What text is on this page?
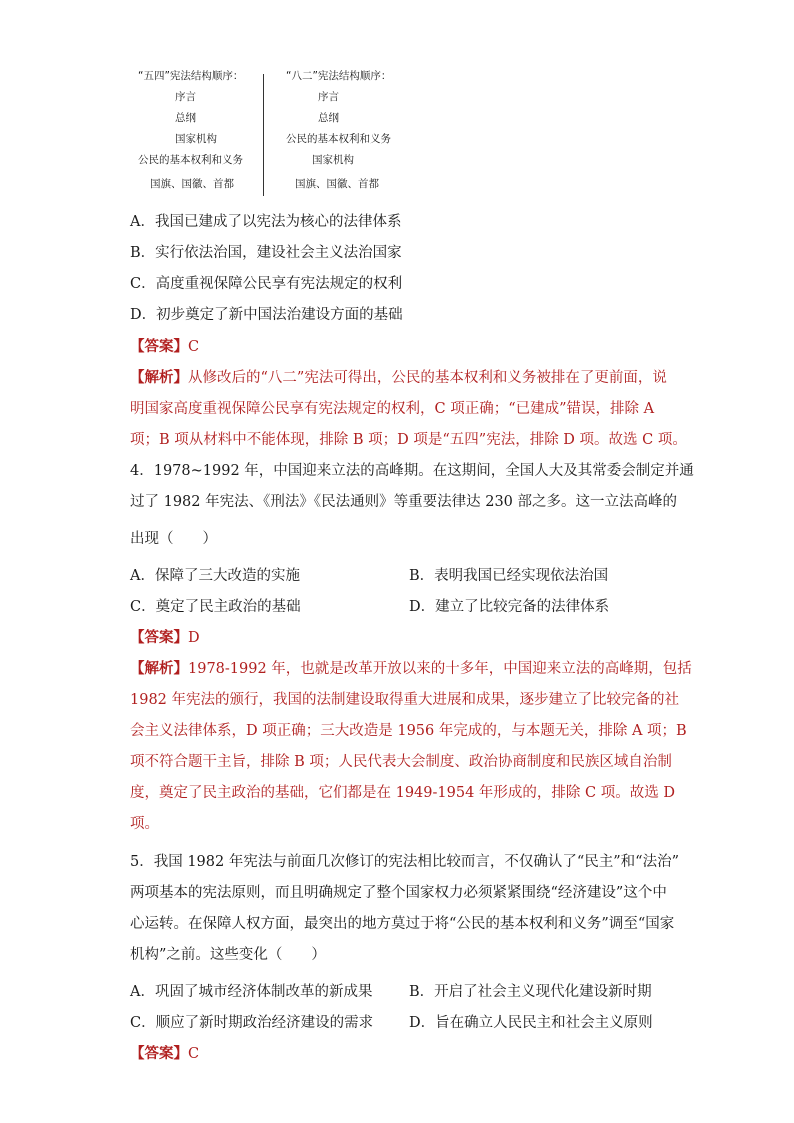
“五四”宪法结构顺序：
序言
总纲
国家机构
公民的基本权利和义务
国旗、国徽、首都
“八二”宪法结构顺序：
序言
总纲
公民的基本权利和义务
国家机构
国旗、国徽、首都
A．我国已建成了以宪法为核心的法律体系
B．实行依法治国，建设社会主义法治国家
C．高度重视保障公民享有宪法规定的权利
D．初步奠定了新中国法治建设方面的基础
【答案】C
【解析】从修改后的“八二”宪法可得出，公民的基本权利和义务被排在了更前面，说
明国家高度重视保障公民享有宪法规定的权利，C 项正确；“已建成”错误，排除 A
项；B 项从材料中不能体现，排除 B 项；D 项是“五四”宪法，排除 D 项。故选 C 项。
4．1978~1992 年，中国迎来立法的高峰期。在这期间，全国人大及其常委会制定并通
过了 1982 年宪法、《刑法》《民法通则》等重要法律达 230 部之多。这一立法高峰的
出现（　　）
A．保障了三大改造的实施	B．表明我国已经实现依法治国
C．奠定了民主政治的基础	D．建立了比较完备的法律体系
【答案】D
【解析】1978-1992 年，也就是改革开放以来的十多年，中国迎来立法的高峰期，包括
1982 年宪法的颁行，我国的法制建设取得重大进展和成果，逐步建立了比较完备的社
会主义法律体系，D 项正确；三大改造是 1956 年完成的，与本题无关，排除 A 项；B
项不符合题干主旨，排除 B 项；人民代表大会制度、政治协商制度和民族区域自治制
度，奠定了民主政治的基础，它们都是在 1949-1954 年形成的，排除 C 项。故选 D
项。
5．我国 1982 年宪法与前面几次修订的宪法相比较而言，不仅确认了“民主”和“法治”
两项基本的宪法原则，而且明确规定了整个国家权力必须紧紧围绕“经济建设”这个中
心运转。在保障人权方面，最突出的地方莫过于将“公民的基本权利和义务”调至“国家
机构”之前。这些变化（　　）
A．巩固了城市经济体制改革的新成果	B．开启了社会主义现代化建设新时期
C．顺应了新时期政治经济建设的需求 D．旨在确立人民民主和社会主义原则
【答案】C
